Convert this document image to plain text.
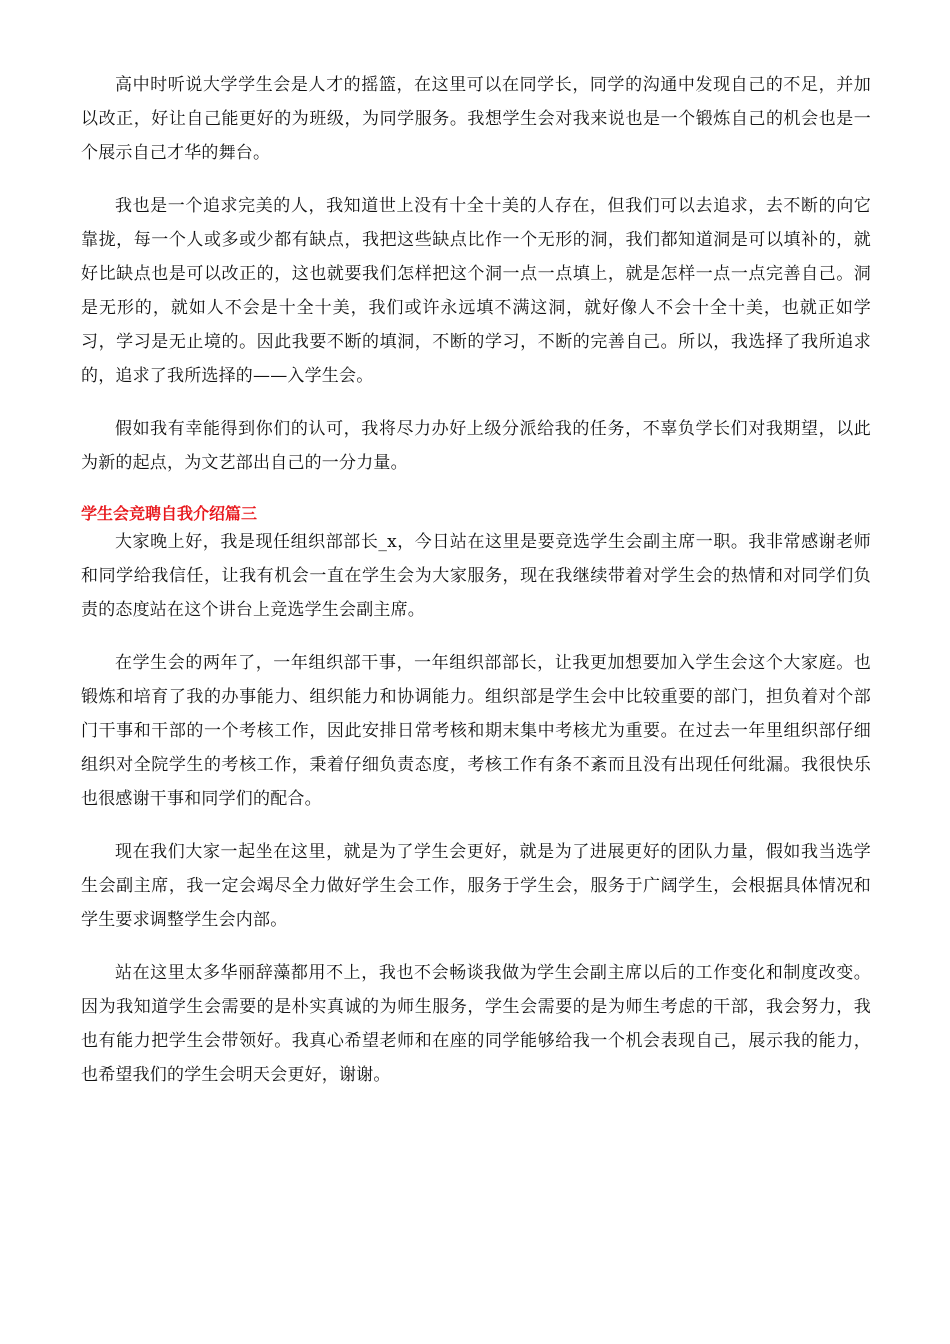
高中时听说大学学生会是人才的摇篮，在这里可以在同学长，同学的沟通中发现自己的不足，并加以改正，好让自己能更好的为班级，为同学服务。我想学生会对我来说也是一个锻炼自己的机会也是一个展示自己才华的舞台。

我也是一个追求完美的人，我知道世上没有十全十美的人存在，但我们可以去追求，去不断的向它靠拢，每一个人或多或少都有缺点，我把这些缺点比作一个无形的洞，我们都知道洞是可以填补的，就好比缺点也是可以改正的，这也就要我们怎样把这个洞一点一点填上，就是怎样一点一点完善自己。洞是无形的，就如人不会是十全十美，我们或许永远填不满这洞，就好像人不会十全十美，也就正如学习，学习是无止境的。因此我要不断的填洞，不断的学习，不断的完善自己。所以，我选择了我所追求的，追求了我所选择的——入学生会。

假如我有幸能得到你们的认可，我将尽力办好上级分派给我的任务，不辜负学长们对我期望，以此为新的起点，为文艺部出自己的一分力量。

学生会竞聘自我介绍篇三

大家晚上好，我是现任组织部部长_x，今日站在这里是要竞选学生会副主席一职。我非常感谢老师和同学给我信任，让我有机会一直在学生会为大家服务，现在我继续带着对学生会的热情和对同学们负责的态度站在这个讲台上竞选学生会副主席。

在学生会的两年了，一年组织部干事，一年组织部部长，让我更加想要加入学生会这个大家庭。也锻炼和培育了我的办事能力、组织能力和协调能力。组织部是学生会中比较重要的部门，担负着对个部门干事和干部的一个考核工作，因此安排日常考核和期末集中考核尤为重要。在过去一年里组织部仔细组织对全院学生的考核工作，秉着仔细负责态度，考核工作有条不紊而且没有出现任何纰漏。我很快乐也很感谢干事和同学们的配合。

现在我们大家一起坐在这里，就是为了学生会更好，就是为了进展更好的团队力量，假如我当选学生会副主席，我一定会竭尽全力做好学生会工作，服务于学生会，服务于广阔学生，会根据具体情况和学生要求调整学生会内部。

站在这里太多华丽辞藻都用不上，我也不会畅谈我做为学生会副主席以后的工作变化和制度改变。因为我知道学生会需要的是朴实真诚的为师生服务，学生会需要的是为师生考虑的干部，我会努力，我也有能力把学生会带领好。我真心希望老师和在座的同学能够给我一个机会表现自己，展示我的能力，也希望我们的学生会明天会更好，谢谢。
